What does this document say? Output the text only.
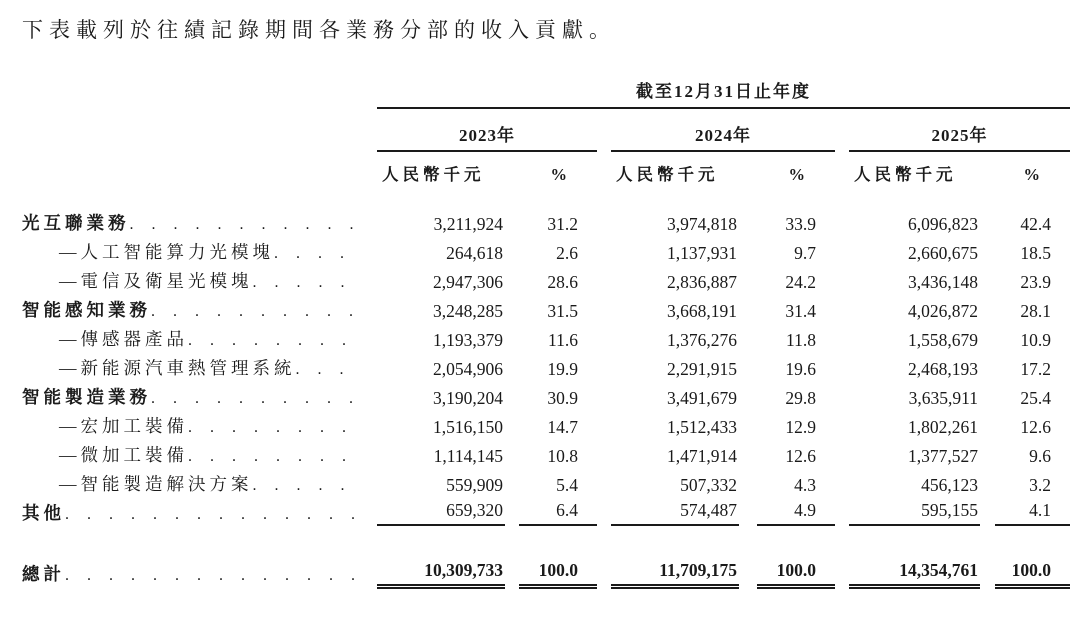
下表載列於往績記錄期間各業務分部的收入貢獻。

	截至12月31日止年度										
	2023年				2024年				2025年		
	人民幣千元		%		人民幣千元		%		人民幣千元		%

光互聯業務
. . .	3,211,924		31.2		3,974,818		33.9		6,096,823		42.4

—人工智能算力光模塊
. . .	264,618		2.6		1,137,931		9.7		2,660,675		18.5

—電信及衛星光模塊
. . .	2,947,306		28.6		2,836,887		24.2		3,436,148		23.9

智能感知業務
. . .	3,248,285		31.5		3,668,191		31.4		4,026,872		28.1

—傳感器產品
. . .	1,193,379		11.6		1,376,276		11.8		1,558,679		10.9

—新能源汽車熱管理系統
. . .	2,054,906		19.9		2,291,915		19.6		2,468,193		17.2

智能製造業務
. . .	3,190,204		30.9		3,491,679		29.8		3,635,911		25.4

—宏加工裝備
. . .	1,516,150		14.7		1,512,433		12.9		1,802,261		12.6

—微加工裝備
. . .	1,114,145		10.8		1,471,914		12.6		1,377,527		9.6

—智能製造解決方案
. . .	559,909		5.4		507,332		4.3		456,123		3.2

其他
. . .	659,320		6.4		574,487		4.9		595,155		4.1

總計
. . .	10,309,733		100.0		11,709,175		100.0		14,354,761		100.0
